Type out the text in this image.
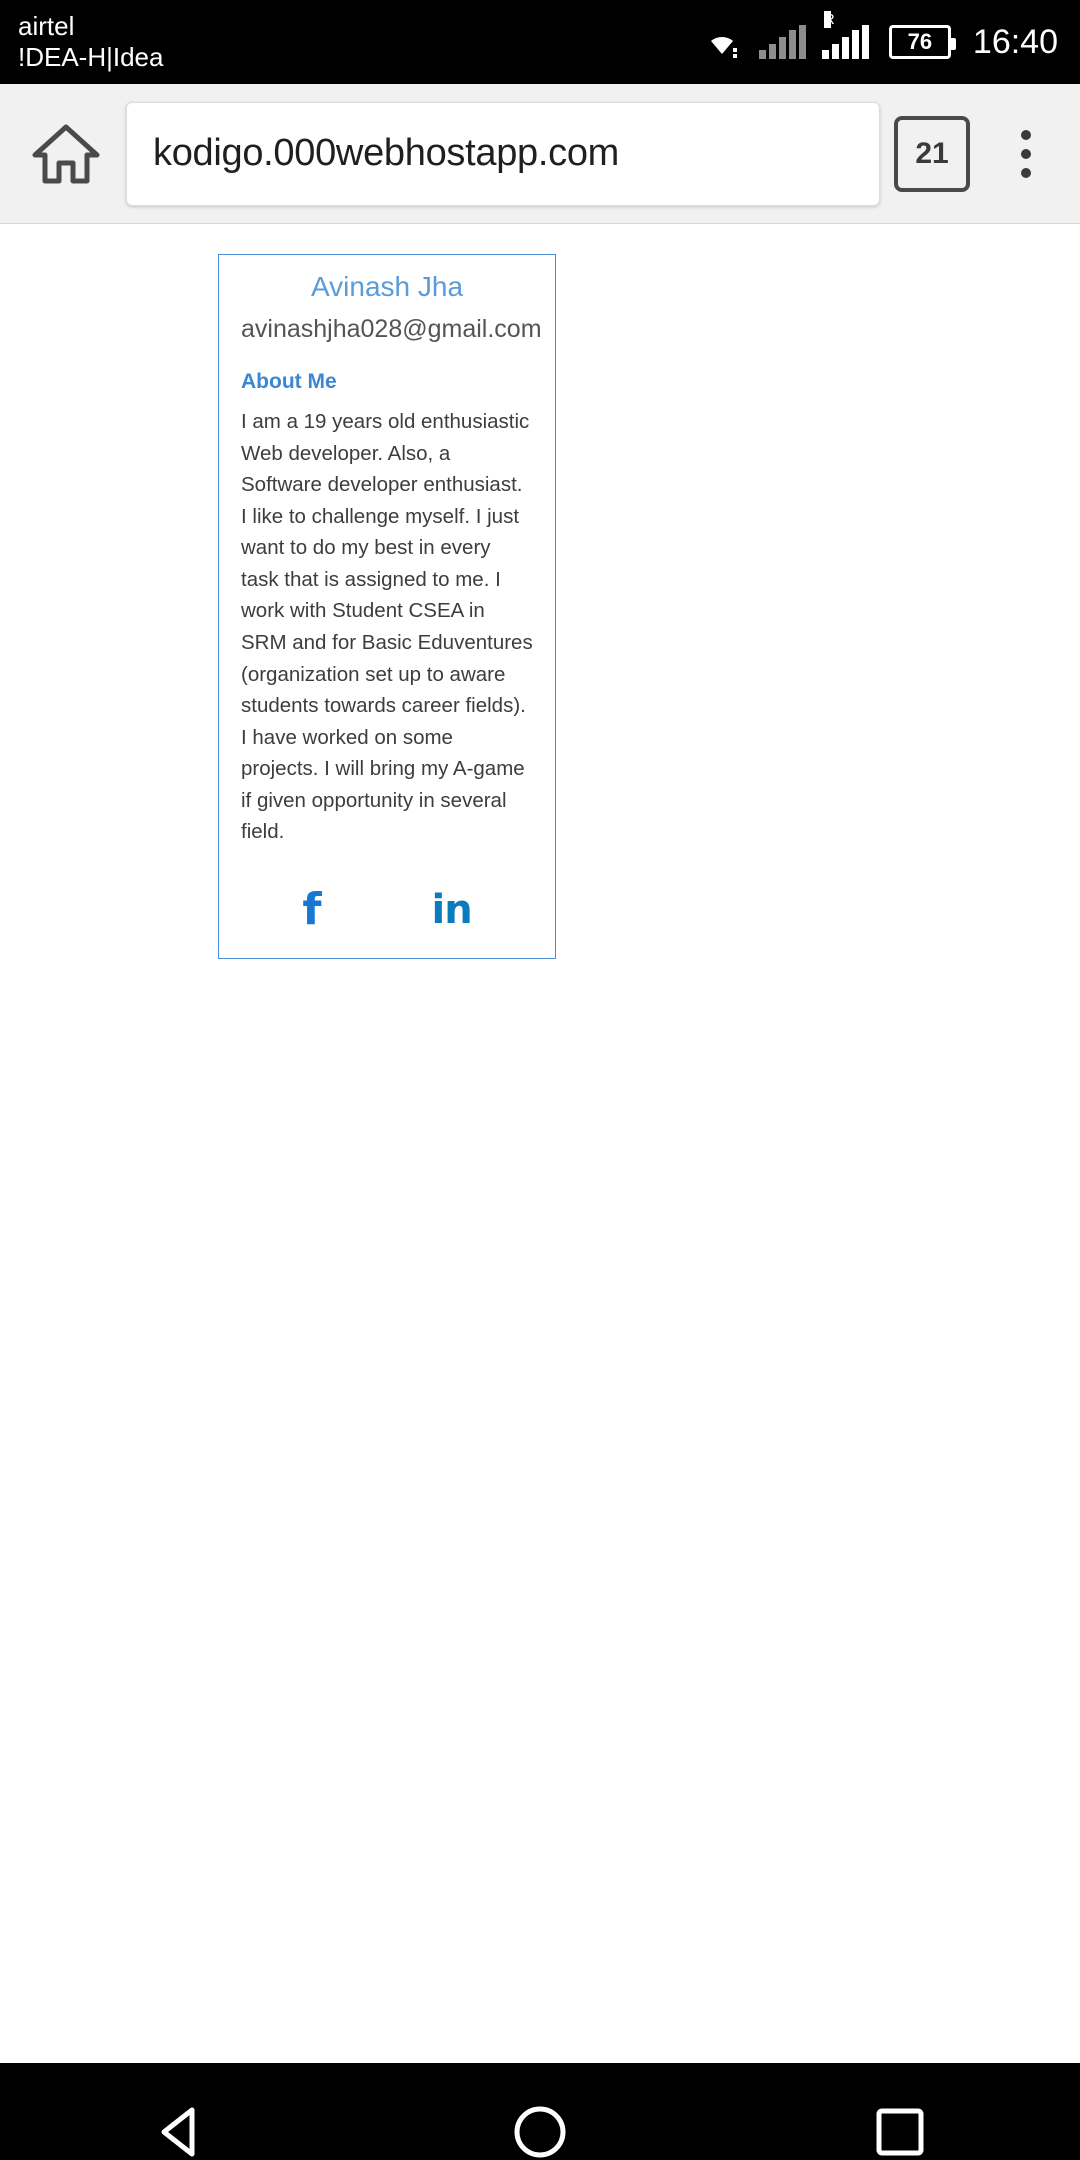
airtel
!DEA-H|Idea
R
76 16:40
kodigo.000webhostapp.com	21
Avinash Jha
avinashjha028@gmail.com
About Me

I am a 19 years old enthusiastic Web developer. Also, a Software developer enthusiast. I like to challenge myself. I just want to do my best in every task that is assigned to me. I work with Student CSEA in SRM and for Basic Eduventures (organization set up to aware students towards career fields). I have worked on some projects. I will bring my A-game if given opportunity in several field.

f	in
